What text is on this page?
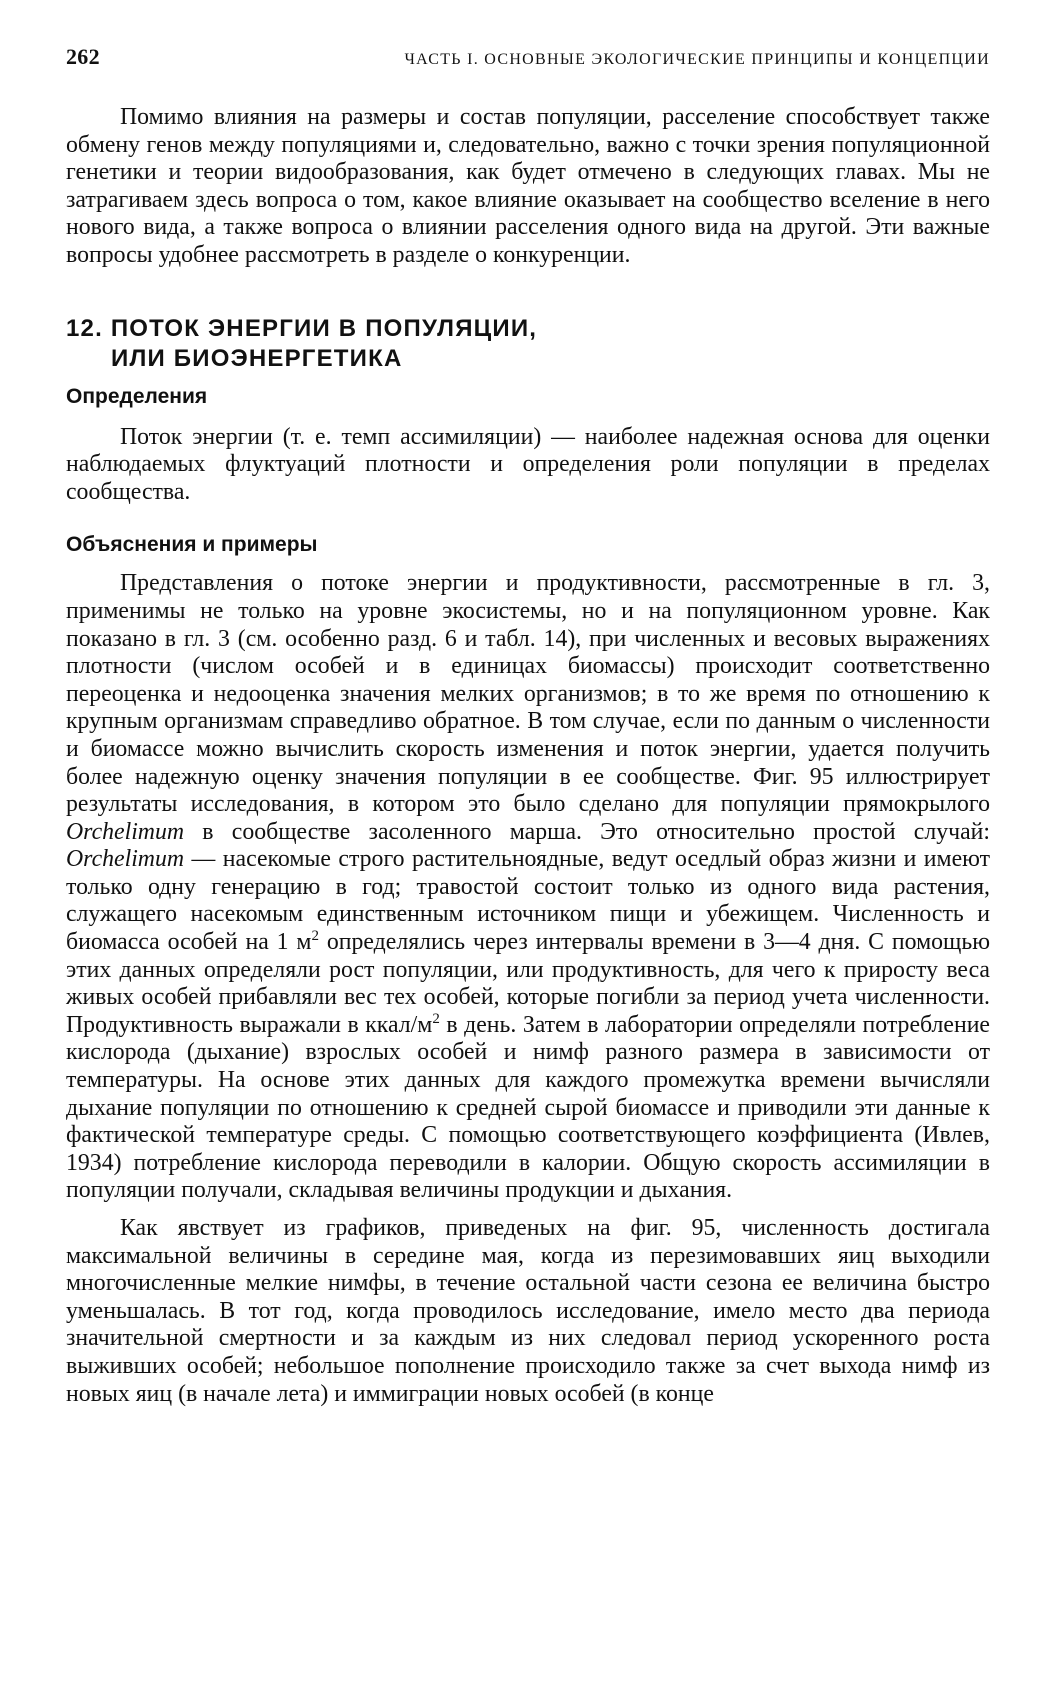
262	ЧАСТЬ I. ОСНОВНЫЕ ЭКОЛОГИЧЕСКИЕ ПРИНЦИПЫ И КОНЦЕПЦИИ

Помимо влияния на размеры и состав популяции, расселение способствует также обмену генов между популяциями и, следовательно, важно с точки зрения популяционной генетики и теории видообразования, как будет отмечено в следующих главах. Мы не затрагиваем здесь вопроса о том, какое влияние оказывает на сообщество вселение в него нового вида, а также вопроса о влиянии расселения одного вида на другой. Эти важные вопросы удобнее рассмотреть в разделе о конкуренции.

12. ПОТОК ЭНЕРГИИ В ПОПУЛЯЦИИ,
ИЛИ БИОЭНЕРГЕТИКА
Определения

Поток энергии (т. е. темп ассимиляции) — наиболее надежная основа для оценки наблюдаемых флуктуаций плотности и определения роли популяции в пределах сообщества.

Объяснения и примеры

Представления о потоке энергии и продуктивности, рассмотренные в гл. 3, применимы не только на уровне экосистемы, но и на популяционном уровне. Как показано в гл. 3 (см. особенно разд. 6 и табл. 14), при численных и весовых выражениях плотности (числом особей и в единицах биомассы) происходит соответственно переоценка и недооценка значения мелких организмов; в то же время по отношению к крупным организмам справедливо обратное. В том случае, если по данным о численности и биомассе можно вычислить скорость изменения и поток энергии, удается получить более надежную оценку значения популяции в ее сообществе. Фиг. 95 иллюстрирует результаты исследования, в котором это было сделано для популяции прямокрылого Orchelimum в сообществе засоленного марша. Это относительно простой случай: Orchelimum — насекомые строго растительноядные, ведут оседлый образ жизни и имеют только одну генерацию в год; травостой состоит только из одного вида растения, служащего насекомым единственным источником пищи и убежищем. Численность и биомасса особей на 1 $м^2$ определялись через интервалы времени в 3—4 дня. С помощью этих данных определяли рост популяции, или продуктивность, для чего к приросту веса живых особей прибавляли вес тех особей, которые погибли за период учета численности. Продуктивность выражали в ккал/$м^2$ в день. Затем в лаборатории определяли потребление кислорода (дыхание) взрослых особей и нимф разного размера в зависимости от температуры. На основе этих данных для каждого промежутка времени вычисляли дыхание популяции по отношению к средней сырой биомассе и приводили эти данные к фактической температуре среды. С помощью соответствующего коэффициента (Ивлев, 1934) потребление кислорода переводили в калории. Общую скорость ассимиляции в популяции получали, складывая величины продукции и дыхания.

Как явствует из графиков, приведеных на фиг. 95, численность достигала максимальной величины в середине мая, когда из перезимовавших яиц выходили многочисленные мелкие нимфы, в течение остальной части сезона ее величина быстро уменьшалась. В тот год, когда проводилось исследование, имело место два периода значительной смертности и за каждым из них следовал период ускоренного роста выживших особей; небольшое пополнение происходило также за счет выхода нимф из новых яиц (в начале лета) и иммиграции новых особей (в конце
